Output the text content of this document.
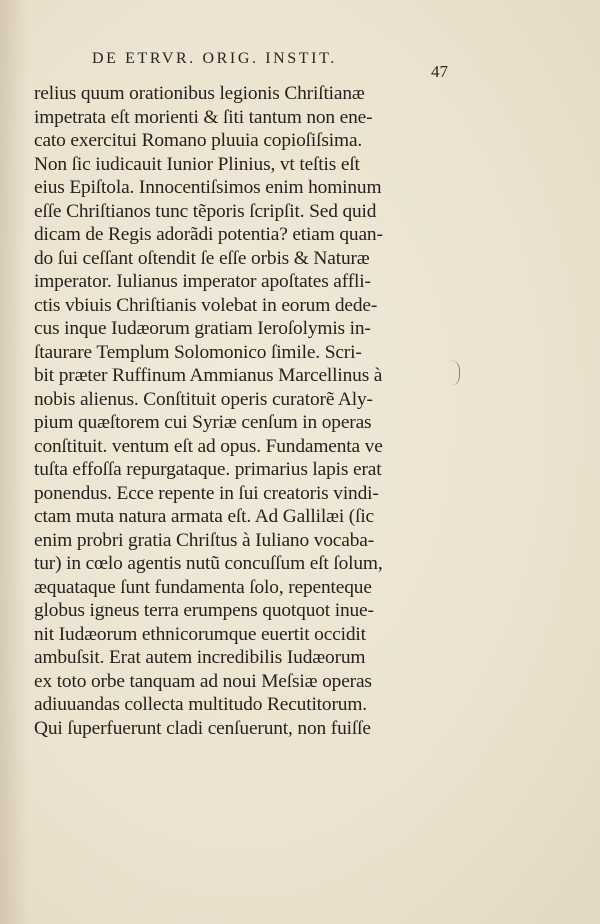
DE ETRVR. ORIG. INSTIT.
47
relius quum orationibus legionis Chriſtianæ
impetrata eſt morienti & ſiti tantum non ene-
cato exercitui Romano pluuia copioſiſsima.
Non ſic iudicauit Iunior Plinius, vt teſtis eſt
eius Epiſtola. Innocentiſsimos enim hominum
eſſe Chriſtianos tunc tẽporis ſcripſit. Sed quid
dicam de Regis adorãdi potentia? etiam quan-
do ſui ceſſant oſtendit ſe eſſe orbis & Naturæ
imperator. Iulianus imperator apoſtates affli-
ctis vbiuis Chriſtianis volebat in eorum dede-
cus inque Iudæorum gratiam Ieroſolymis in-
ſtaurare Templum Solomonico ſimile. Scri-
bit præter Ruffinum Ammianus Marcellinus à
nobis alienus. Conſtituit operis curatorẽ Aly-
pium quæſtorem cui Syriæ cenſum in operas
conſtituit. ventum eſt ad opus. Fundamenta ve
tuſta effoſſa repurgataque. primarius lapis erat
ponendus. Ecce repente in ſui creatoris vindi-
ctam muta natura armata eſt. Ad Gallilæi (ſic
enim probri gratia Chriſtus à Iuliano vocaba-
tur) in cœlo agentis nutũ concuſſum eſt ſolum,
æquataque ſunt fundamenta ſolo, repenteque
globus igneus terra erumpens quotquot inue-
nit Iudæorum ethnicorumque euertit occidit
ambuſsit. Erat autem incredibilis Iudæorum
ex toto orbe tanquam ad noui Meſsiæ operas
adiuuandas collecta multitudo Recutitorum.
Qui ſuperfuerunt cladi cenſuerunt, non fuiſſe
